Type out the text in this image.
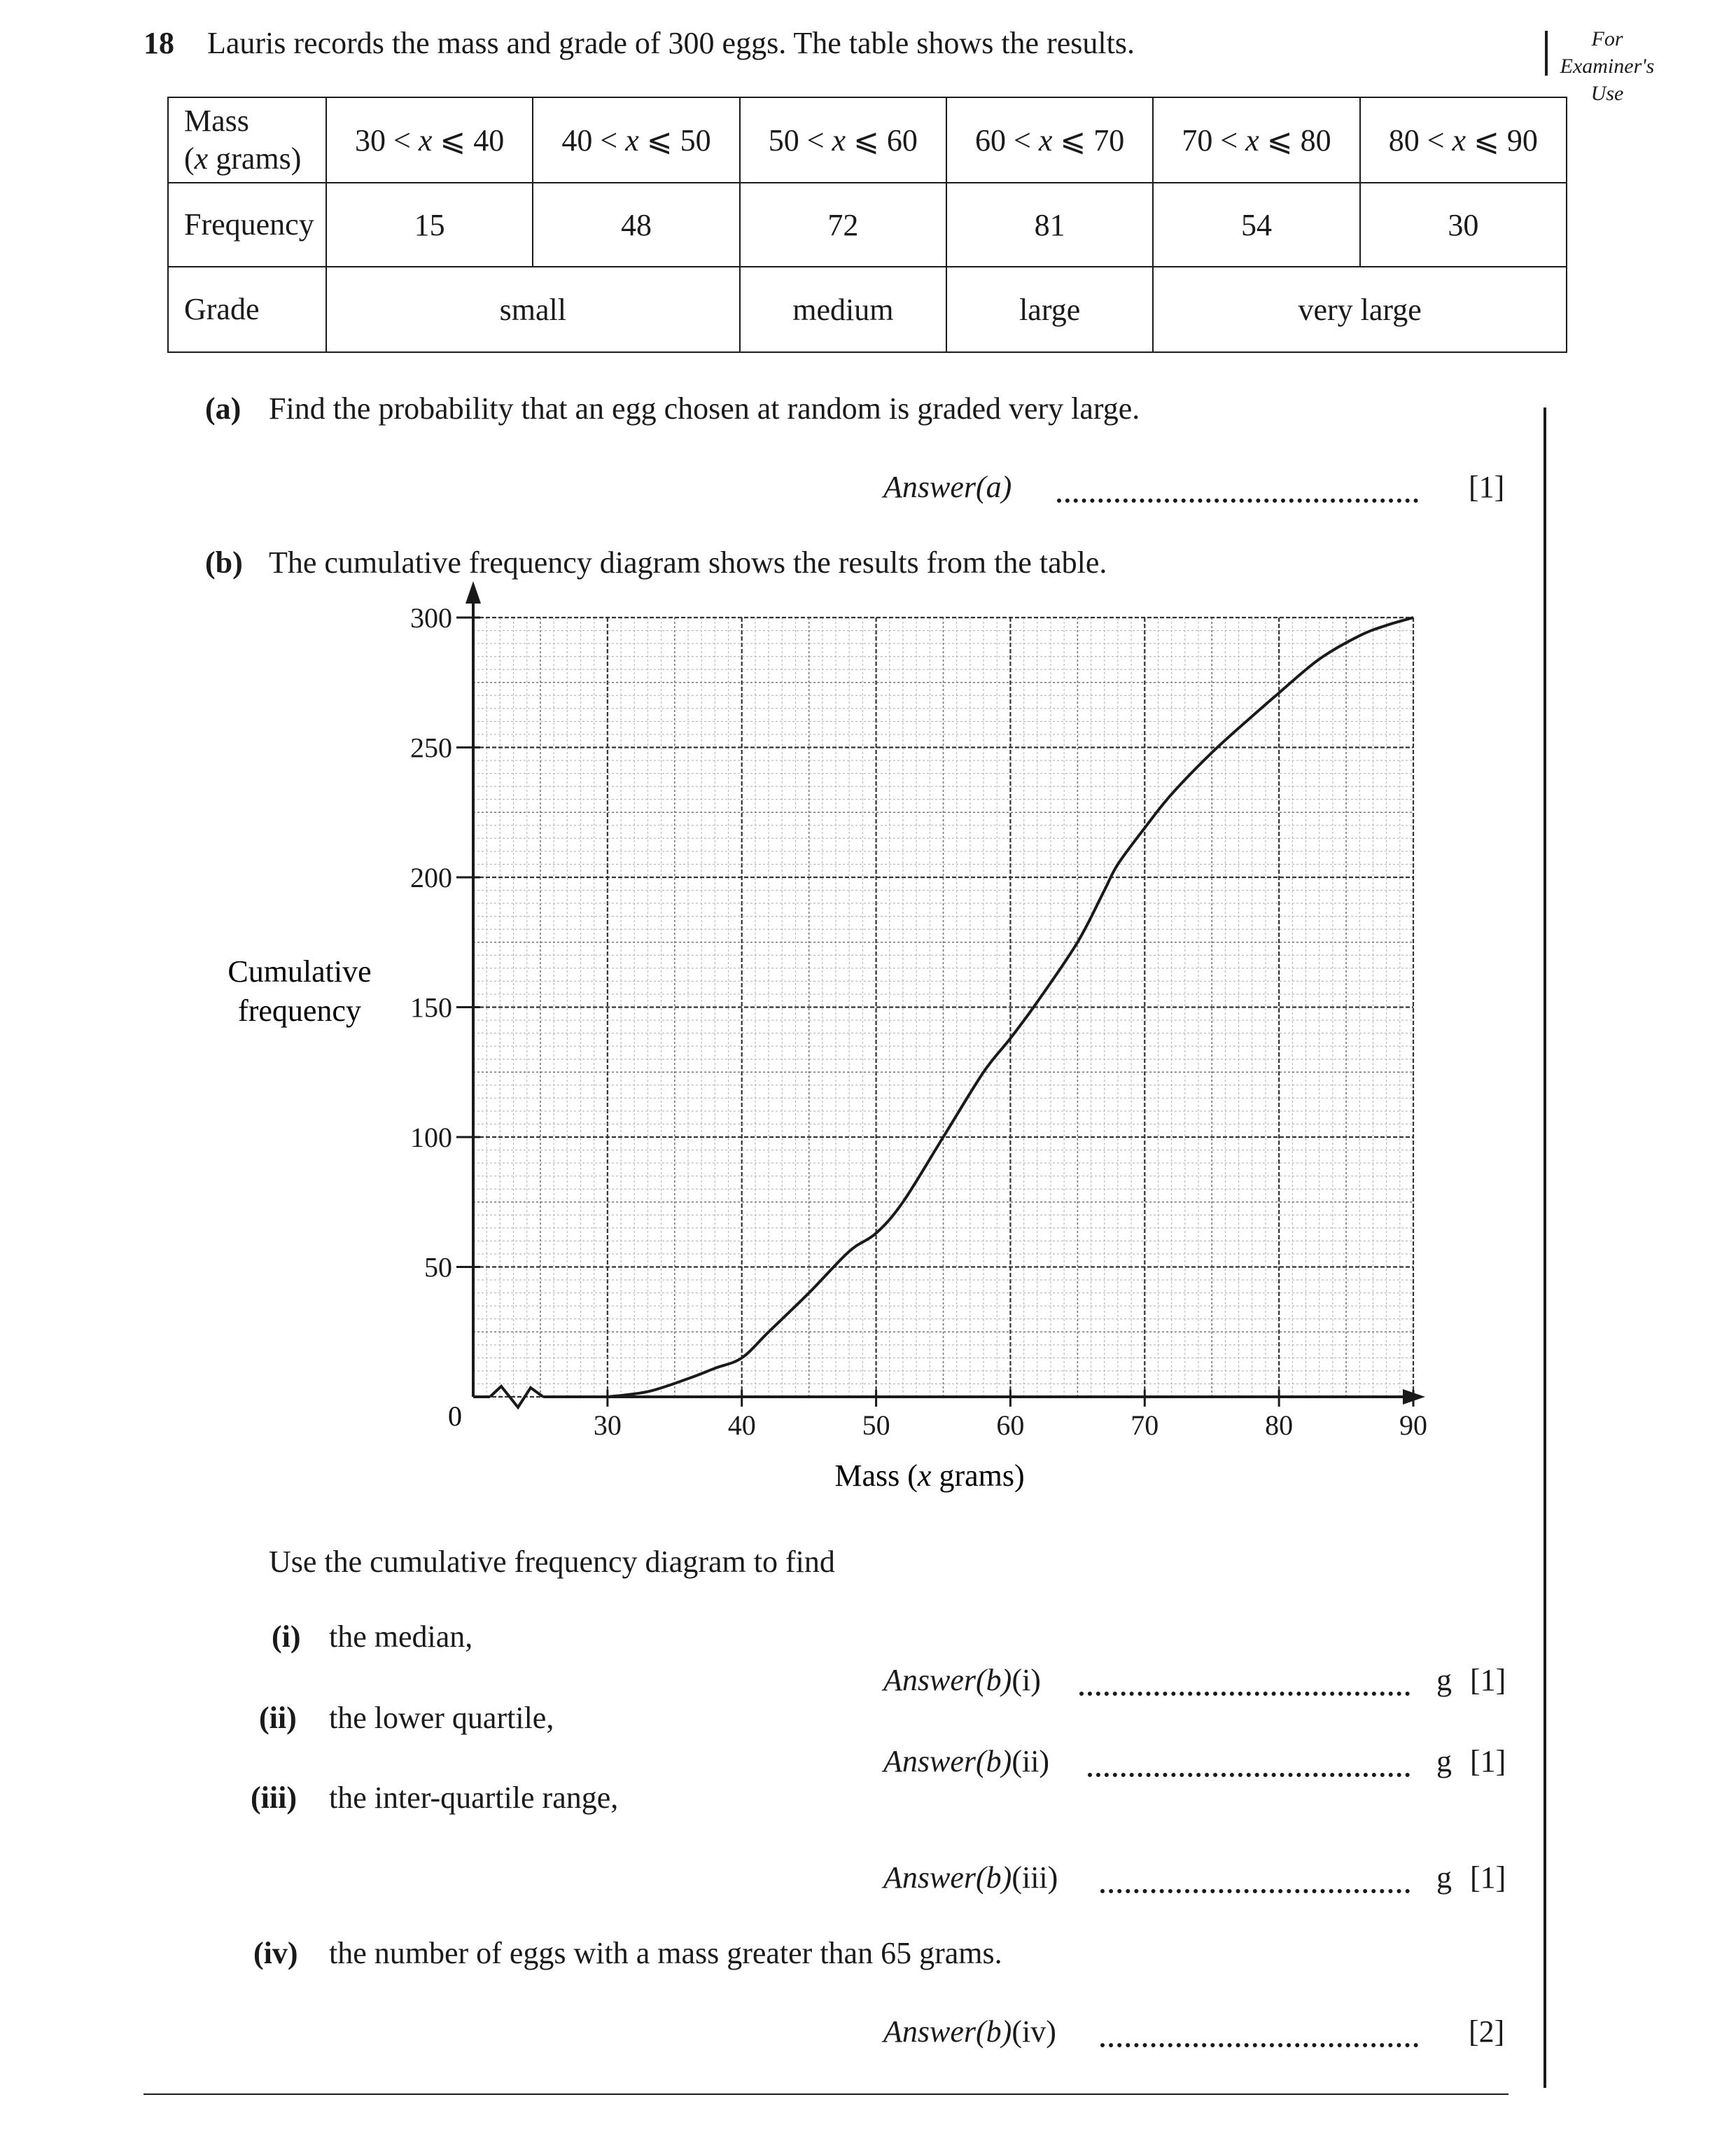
18 Lauris records the mass and grade of 300 eggs. The table shows the results.	For Examiner's Use
Mass
(x grams)	30 < x ⩽ 40	40 < x ⩽ 50	50 < x ⩽ 60	60 < x ⩽ 70	70 < x ⩽ 80	80 < x ⩽ 90
Frequency	15	48	72	81	54	30
Grade	small		medium	large	very large	
(a) Find the probability that an egg chosen at random is graded very large.
Answer(a)	[1]
(b) The cumulative frequency diagram shows the results from the table.
30	40	50	60	70	80	90
50
100
150
200
250
300
0
Cumulative
frequency
Mass (x grams)
Use the cumulative frequency diagram to find
(i) the median,
Answer(b)(i)	g [1]
(ii) the lower quartile,
Answer(b)(ii)	g [1]
(iii) the inter-quartile range,
Answer(b)(iii)	g [1]
(iv) the number of eggs with a mass greater than 65 grams.
Answer(b)(iv)	[2]
